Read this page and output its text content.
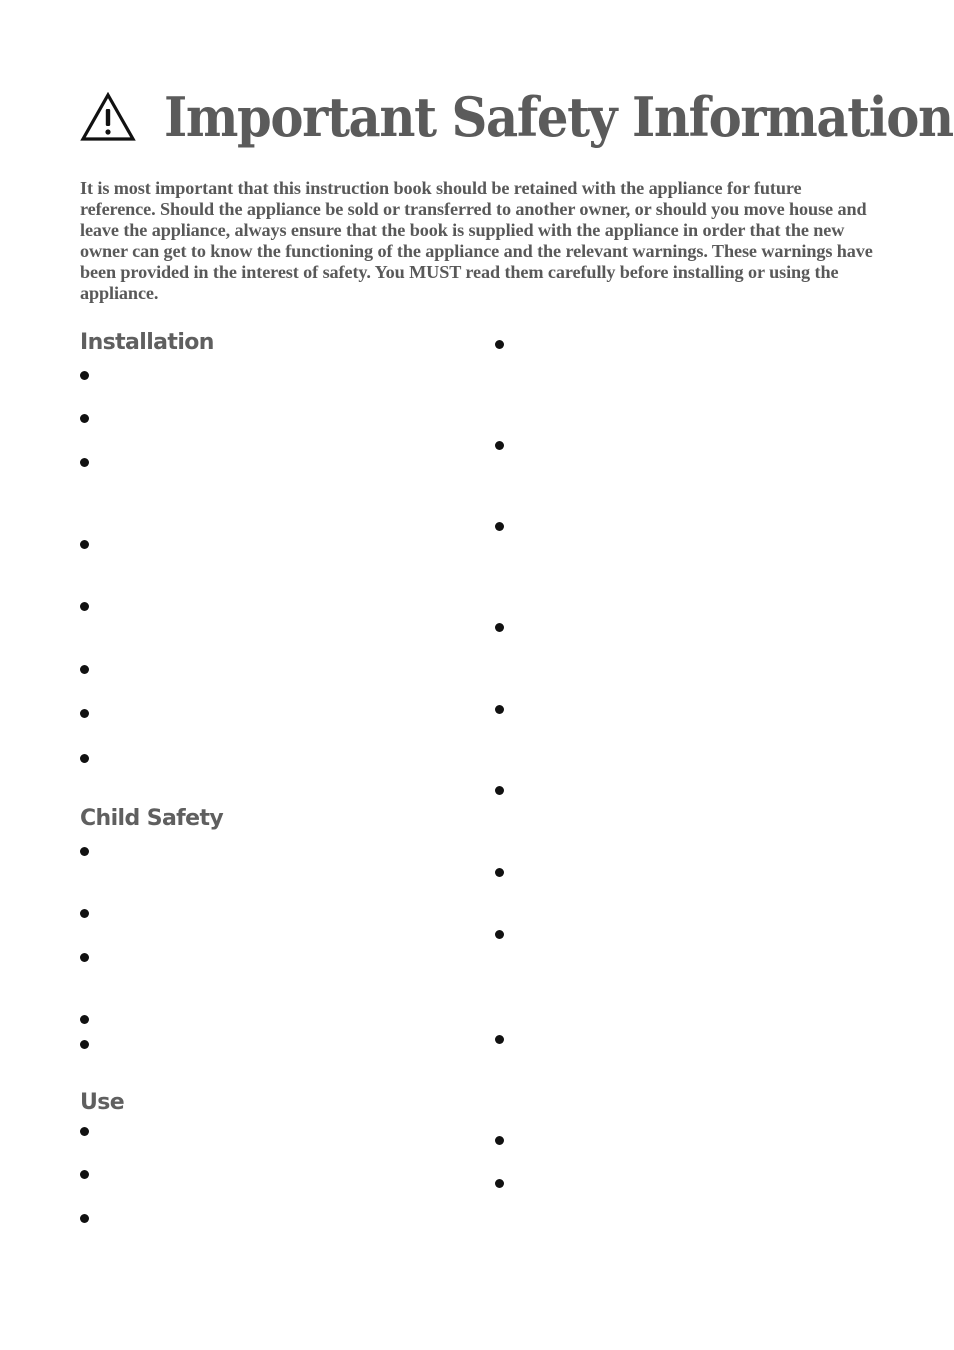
Important Safety Information

It is most important that this instruction book should be retained with the appliance for future reference. Should the appliance be sold or transferred to another owner, or should you move house and leave the appliance, always ensure that the book is supplied with the appliance in order that the new owner can get to know the functioning of the appliance and the relevant warnings. These warnings have been provided in the interest of safety. You MUST read them carefully before installing or using the appliance.

Installation
Child Safety
Use
